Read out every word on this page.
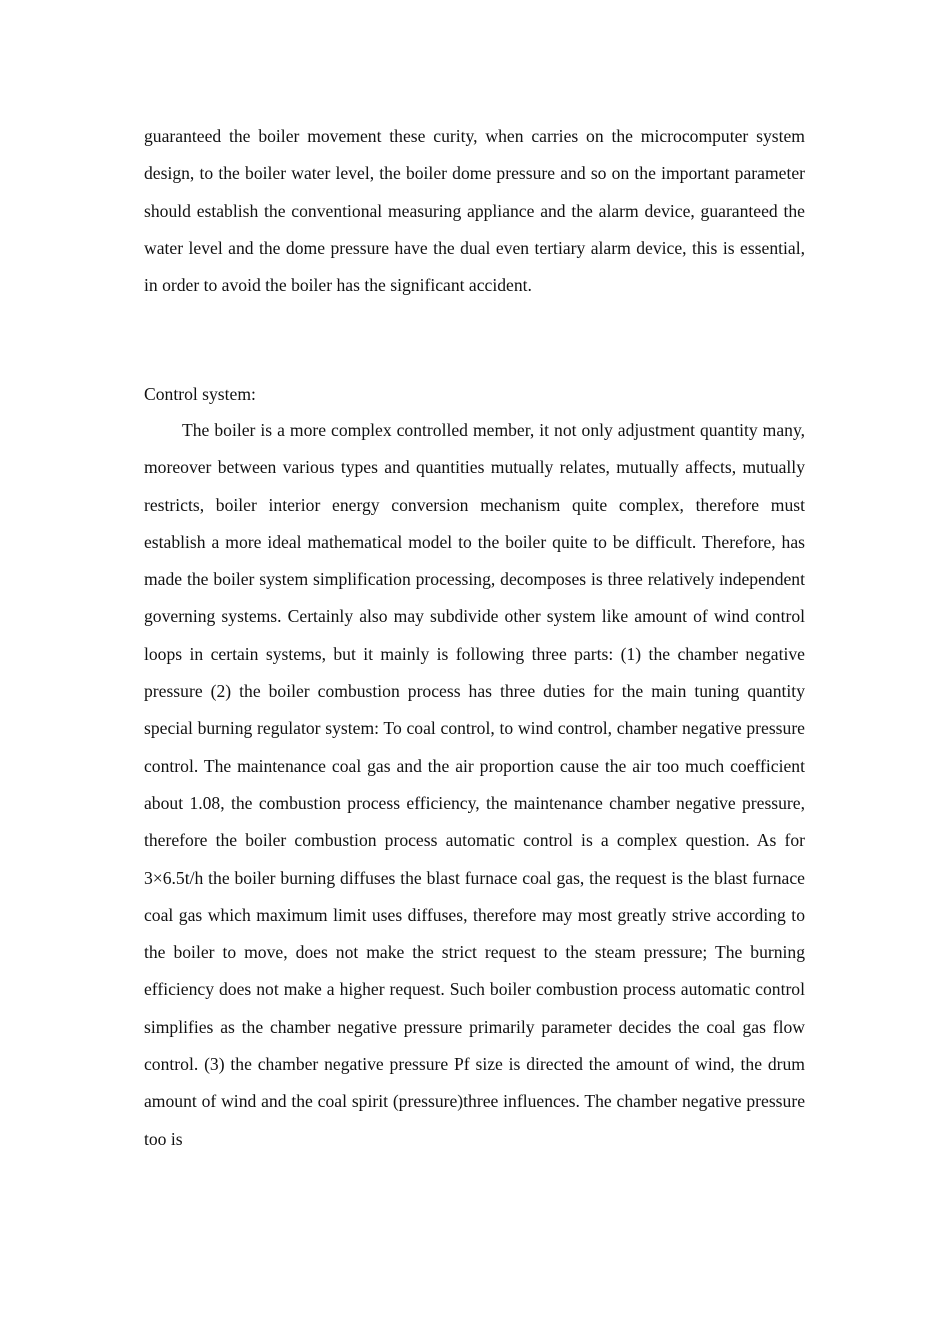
guaranteed the boiler movement these curity, when carries on the microcomputer system design, to the boiler water level, the boiler dome pressure and so on the important parameter should establish the conventional measuring appliance and the alarm device, guaranteed the water level and the dome pressure have the dual even tertiary alarm device, this is essential, in order to avoid the boiler has the significant accident.

Control system:

The boiler is a more complex controlled member, it not only adjustment quantity many, moreover between various types and quantities mutually relates, mutually affects, mutually restricts, boiler interior energy conversion mechanism quite complex, therefore must establish a more ideal mathematical model to the boiler quite to be difficult. Therefore, has made the boiler system simplification processing, decomposes is three relatively independent governing systems. Certainly also may subdivide other system like amount of wind control loops in certain systems, but it mainly is following three parts: (1) the chamber negative pressure (2) the boiler combustion process has three duties for the main tuning quantity special burning regulator system: To coal control, to wind control, chamber negative pressure control. The maintenance coal gas and the air proportion cause the air too much coefficient about 1.08, the combustion process efficiency, the maintenance chamber negative pressure, therefore the boiler combustion process automatic control is a complex question. As for 3×6.5t/h the boiler burning diffuses the blast furnace coal gas, the request is the blast furnace coal gas which maximum limit uses diffuses, therefore may most greatly strive according to the boiler to move, does not make the strict request to the steam pressure; The burning efficiency does not make a higher request. Such boiler combustion process automatic control simplifies as the chamber negative pressure primarily parameter decides the coal gas flow control. (3) the chamber negative pressure Pf size is directed the amount of wind, the drum amount of wind and the coal spirit (pressure)three influences. The chamber negative pressure too is
